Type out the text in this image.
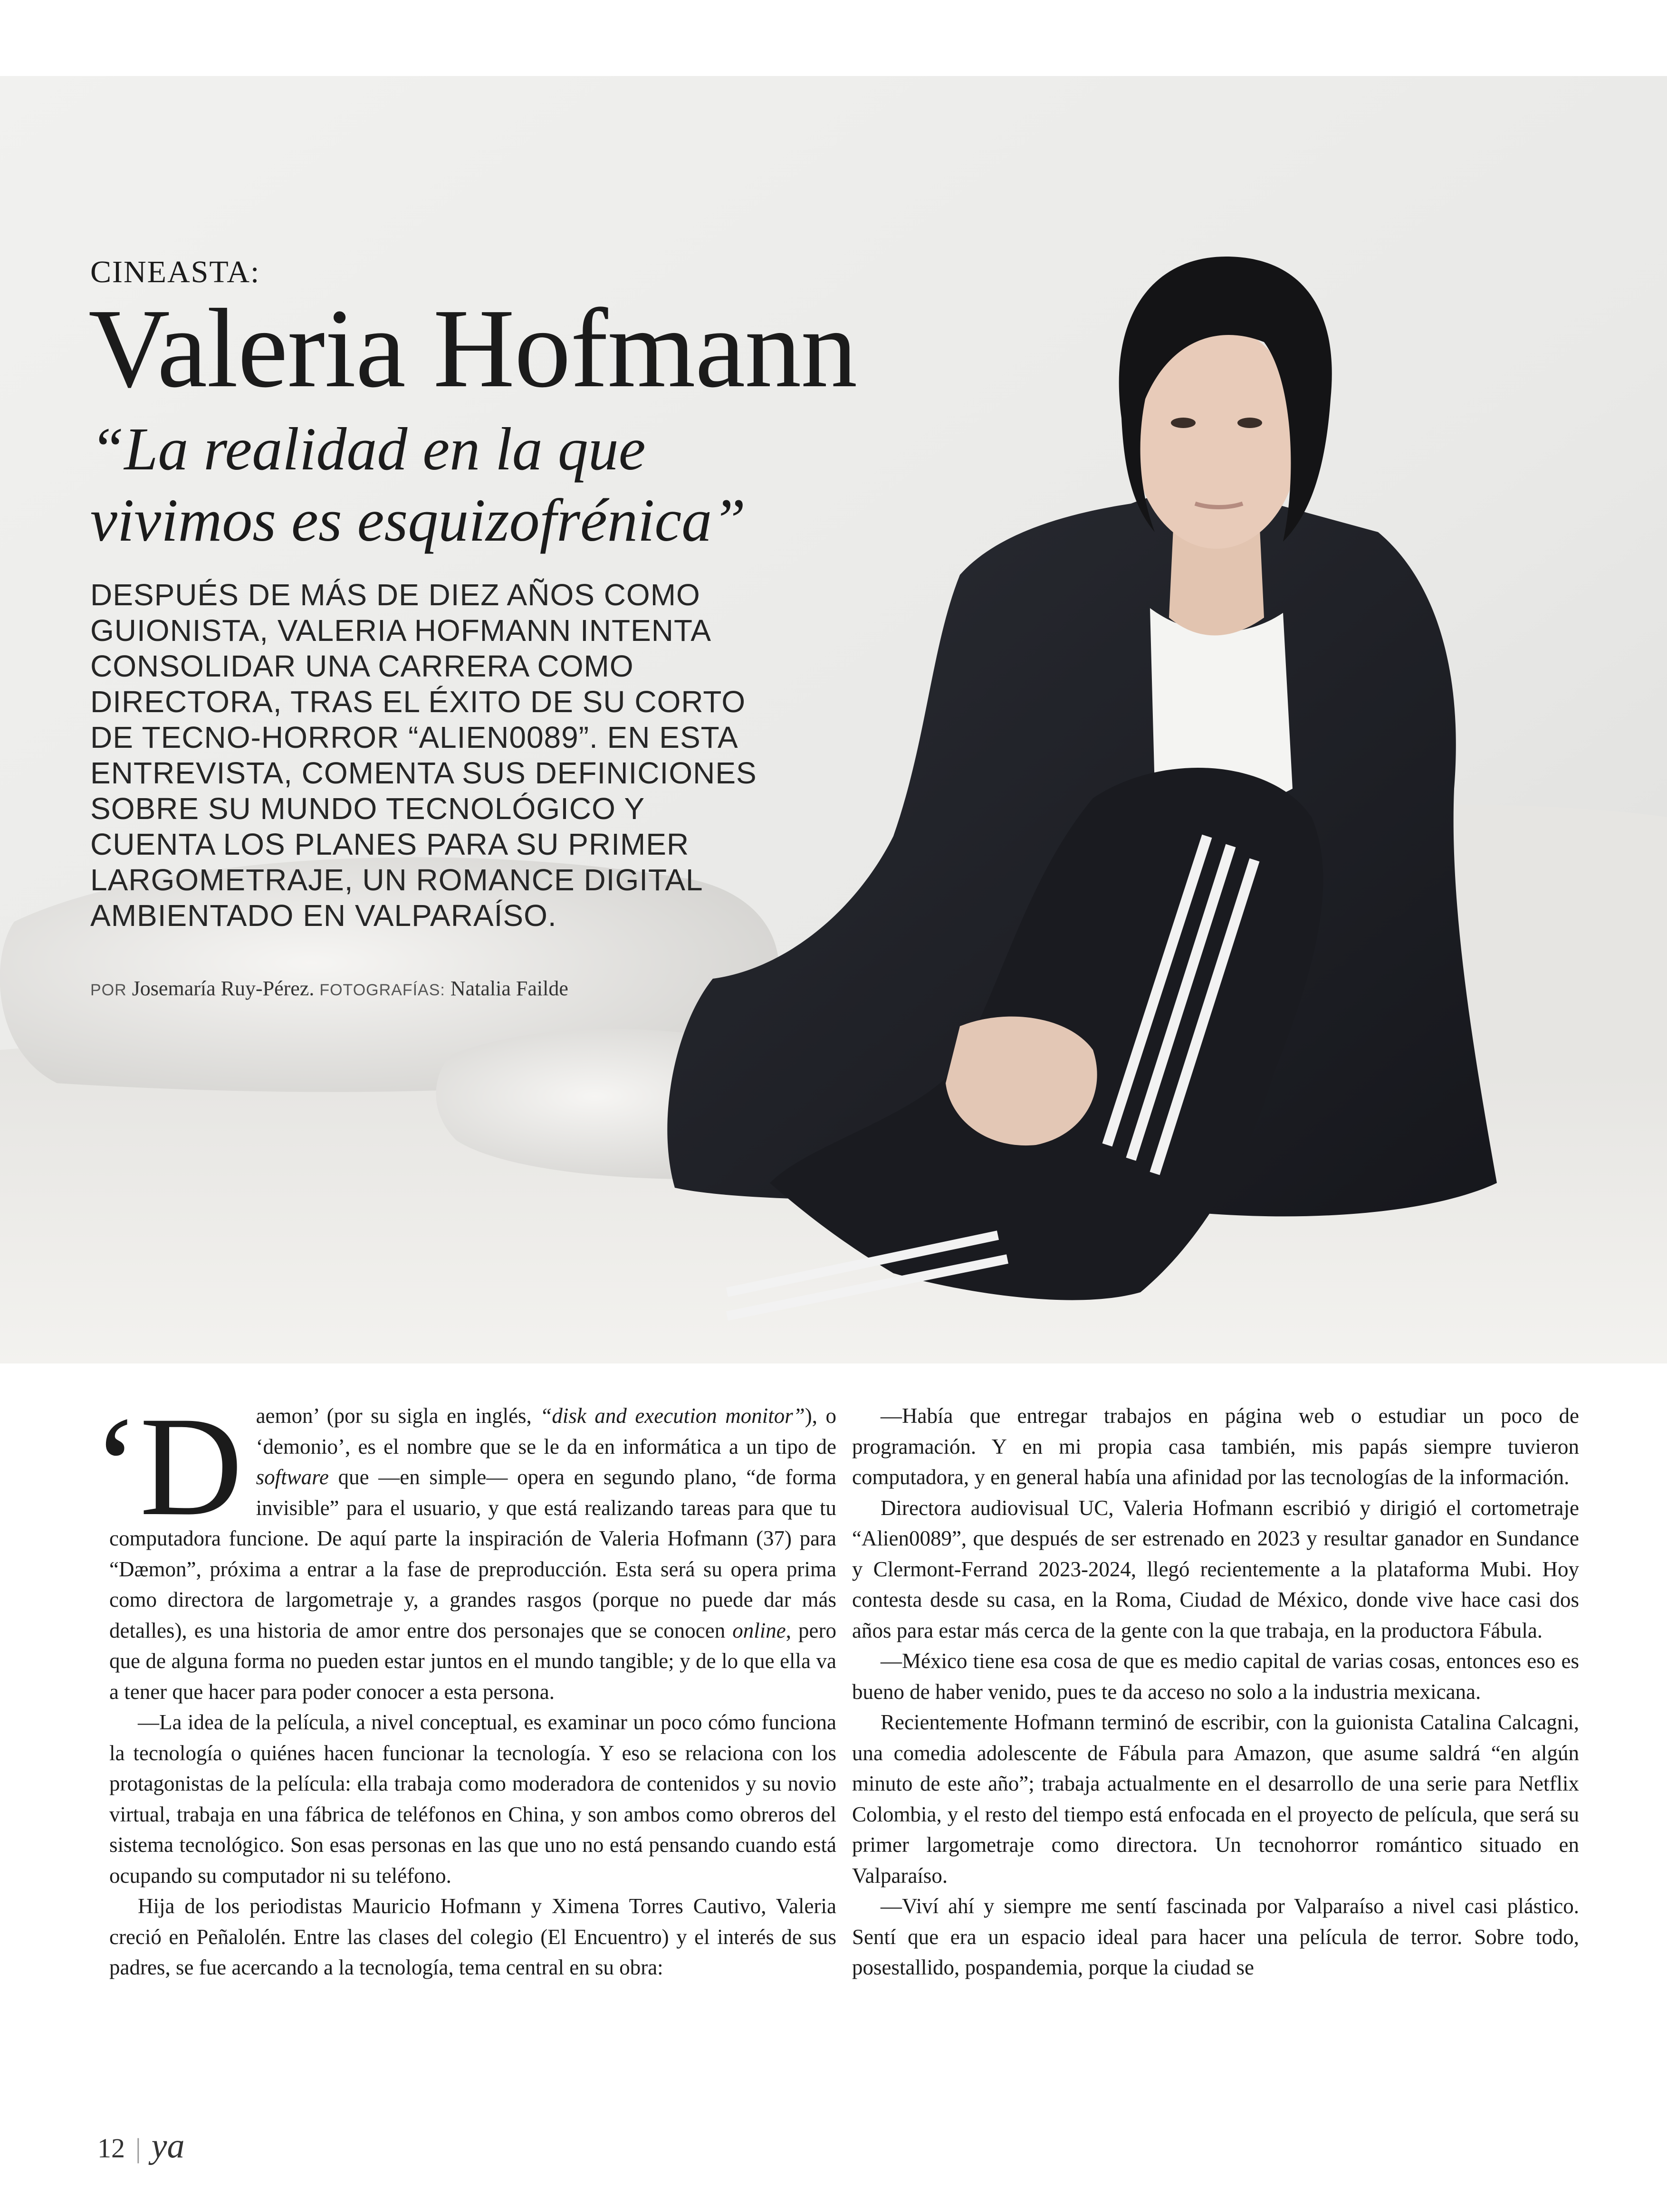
CINEASTA:

Valeria Hofmann
“La realidad en la que
vivimos es esquizofrénica”

DESPUÉS DE MÁS DE DIEZ AÑOS COMO
GUIONISTA, VALERIA HOFMANN INTENTA
CONSOLIDAR UNA CARRERA COMO
DIRECTORA, TRAS EL ÉXITO DE SU CORTO
DE TECNO-HORROR “ALIEN0089”. EN ESTA
ENTREVISTA, COMENTA SUS DEFINICIONES
SOBRE SU MUNDO TECNOLÓGICO Y
CUENTA LOS PLANES PARA SU PRIMER
LARGOMETRAJE, UN ROMANCE DIGITAL
AMBIENTADO EN VALPARAÍSO.

POR Josemaría Ruy-Pérez. FOTOGRAFÍAS: Natalia Failde

‘Daemon’ (por su sigla en inglés, “disk and execution monitor”), o ‘demonio’, es el nombre que se le da en informática a un tipo de software que —en simple— opera en segundo plano, “de forma invisible” para el usuario, y que está realizando tareas para que tu computadora funcione. De aquí parte la inspiración de Valeria Hofmann (37) para “Dæmon”, próxima a entrar a la fase de preproducción. Esta será su opera prima como directora de largometraje y, a grandes rasgos (porque no puede dar más detalles), es una historia de amor entre dos personajes que se conocen online, pero que de alguna forma no pueden estar juntos en el mundo tangible; y de lo que ella va a tener que hacer para poder conocer a esta persona.

—La idea de la película, a nivel conceptual, es examinar un poco cómo funciona la tecnología o quiénes hacen funcionar la tecnología. Y eso se relaciona con los protagonistas de la película: ella trabaja como moderadora de contenidos y su novio virtual, trabaja en una fábrica de teléfonos en China, y son ambos como obreros del sistema tecnológico. Son esas personas en las que uno no está pensando cuando está ocupando su computador ni su teléfono.

Hija de los periodistas Mauricio Hofmann y Ximena Torres Cautivo, Valeria creció en Peñalolén. Entre las clases del colegio (El Encuentro) y el interés de sus padres, se fue acercando a la tecnología, tema central en su obra:

—Había que entregar trabajos en página web o estudiar un poco de programación. Y en mi propia casa también, mis papás siempre tuvieron computadora, y en general había una afinidad por las tecnologías de la información.

Directora audiovisual UC, Valeria Hofmann escribió y dirigió el cortometraje “Alien0089”, que después de ser estrenado en 2023 y resultar ganador en Sundance y Clermont-Ferrand 2023-2024, llegó recientemente a la plataforma Mubi. Hoy contesta desde su casa, en la Roma, Ciudad de México, donde vive hace casi dos años para estar más cerca de la gente con la que trabaja, en la productora Fábula.

—México tiene esa cosa de que es medio capital de varias cosas, entonces eso es bueno de haber venido, pues te da acceso no solo a la industria mexicana.

Recientemente Hofmann terminó de escribir, con la guionista Catalina Calcagni, una comedia adolescente de Fábula para Amazon, que asume saldrá “en algún minuto de este año”; trabaja actualmente en el desarrollo de una serie para Netflix Colombia, y el resto del tiempo está enfocada en el proyecto de película, que será su primer largometraje como directora. Un tecnohorror romántico situado en Valparaíso.

—Viví ahí y siempre me sentí fascinada por Valparaíso a nivel casi plástico. Sentí que era un espacio ideal para hacer una película de terror. Sobre todo, posestallido, pospandemia, porque la ciudad se

12 | ya
